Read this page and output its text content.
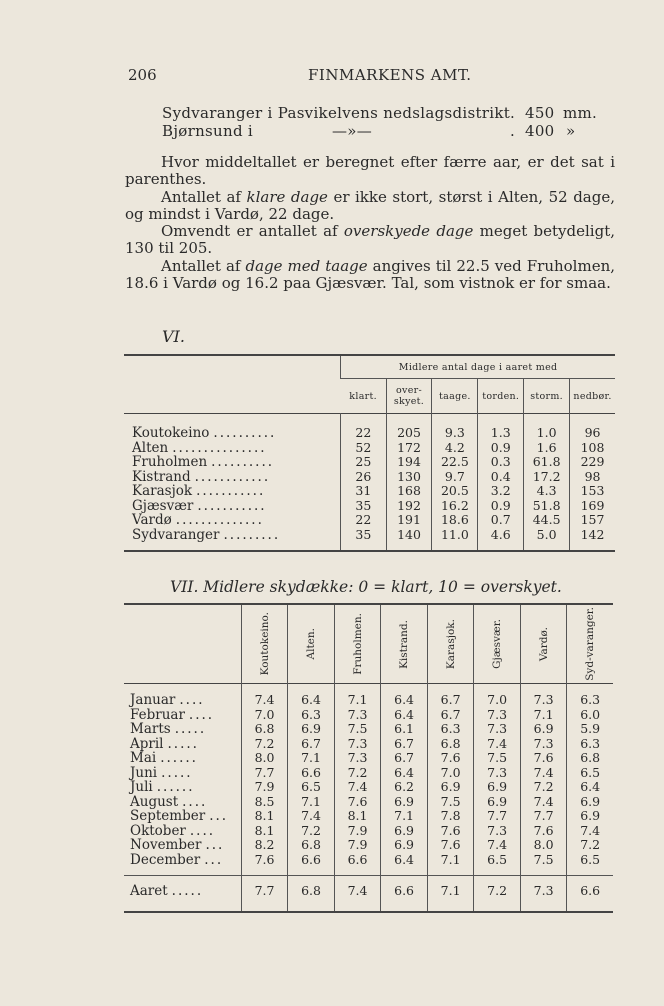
206	FINMARKENS AMT.
Sydvaranger i Pasvikelvens nedslagsdistrikt . 450 mm.
Bjørnsund i	—»—	. 400 »

Hvor middeltallet er beregnet efter færre aar, er det sat i parenthes.

Antallet af klare dage er ikke stort, størst i Alten, 52 dage, og mindst i Vardø, 22 dage.

Omvendt er antallet af overskyede dage meget betydeligt, 130 til 205.

Antallet af dage med taage angives til 22.5 ved Fruholmen, 18.6 i Vardø og 16.2 paa Gjæsvær. Tal, som vistnok er for smaa.

VI.
	Midlere antal dage i aaret med					
	klart.	over-skyet.	taage.	torden.	storm.	nedbør.

Koutokeino ..........	22	205	9.3	1.3	1.0	96
Alten ...............	52	172	4.2	0.9	1.6	108
Fruholmen ..........	25	194	22.5	0.3	61.8	229
Kistrand ............	26	130	9.7	0.4	17.2	98
Karasjok ...........	31	168	20.5	3.2	4.3	153
Gjæsvær ...........	35	192	16.2	0.9	51.8	169
Vardø ..............	22	191	18.6	0.7	44.5	157
Sydvaranger .........	35	140	11.0	4.6	5.0	142

VII. Midlere skydække: 0 = klart, 10 = overskyet.

	Koutokeino.	Alten.	Fruholmen.	Kistrand.	Karasjok.	Gjæsvær.	Vardø.	Syd-varanger.

Januar ....	7.4	6.4	7.1	6.4	6.7	7.0	7.3	6.3
Februar ....	7.0	6.3	7.3	6.4	6.7	7.3	7.1	6.0
Marts .....	6.8	6.9	7.5	6.1	6.3	7.3	6.9	5.9
April .....	7.2	6.7	7.3	6.7	6.8	7.4	7.3	6.3
Mai ......	8.0	7.1	7.3	6.7	7.6	7.5	7.6	6.8
Juni .....	7.7	6.6	7.2	6.4	7.0	7.3	7.4	6.5
Juli ......	7.9	6.5	7.4	6.2	6.9	6.9	7.2	6.4
August ....	8.5	7.1	7.6	6.9	7.5	6.9	7.4	6.9
September ...	8.1	7.4	8.1	7.1	7.8	7.7	7.7	6.9
Oktober ....	8.1	7.2	7.9	6.9	7.6	7.3	7.6	7.4
November ...	8.2	6.8	7.9	6.9	7.6	7.4	8.0	7.2
December ...	7.6	6.6	6.6	6.4	7.1	6.5	7.5	6.5

Aaret .....	7.7	6.8	7.4	6.6	7.1	7.2	7.3	6.6
